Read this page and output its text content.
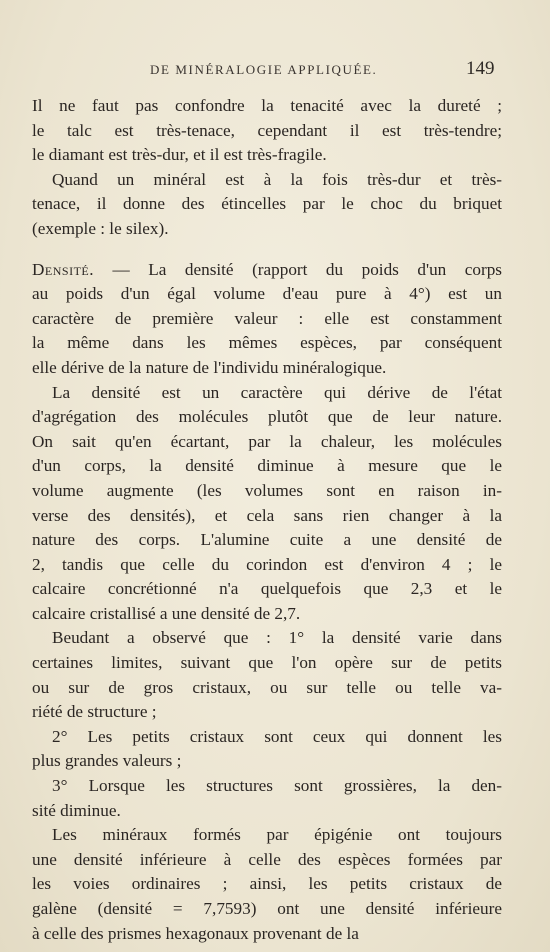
DE MINÉRALOGIE APPLIQUÉE.	149
Il ne faut pas confondre la tenacité avec la dureté ;
le talc est très-tenace, cependant il est très-tendre;
le diamant est très-dur, et il est très-fragile.
Quand un minéral est à la fois très-dur et très-
tenace, il donne des étincelles par le choc du briquet
(exemple : le silex).
Densité. — La densité (rapport du poids d'un corps
au poids d'un égal volume d'eau pure à 4°) est un
caractère de première valeur : elle est constamment
la même dans les mêmes espèces, par conséquent
elle dérive de la nature de l'individu minéralogique.
La densité est un caractère qui dérive de l'état
d'agrégation des molécules plutôt que de leur nature.
On sait qu'en écartant, par la chaleur, les molécules
d'un corps, la densité diminue à mesure que le
volume augmente (les volumes sont en raison in-
verse des densités), et cela sans rien changer à la
nature des corps. L'alumine cuite a une densité de
2, tandis que celle du corindon est d'environ 4 ; le
calcaire concrétionné n'a quelquefois que 2,3 et le
calcaire cristallisé a une densité de 2,7.
Beudant a observé que : 1° la densité varie dans
certaines limites, suivant que l'on opère sur de petits
ou sur de gros cristaux, ou sur telle ou telle va-
riété de structure ;
2° Les petits cristaux sont ceux qui donnent les
plus grandes valeurs ;
3° Lorsque les structures sont grossières, la den-
sité diminue.
Les minéraux formés par épigénie ont toujours
une densité inférieure à celle des espèces formées par
les voies ordinaires ; ainsi, les petits cristaux de
galène (densité = 7,7593) ont une densité inférieure
à celle des prismes hexagonaux provenant de la
